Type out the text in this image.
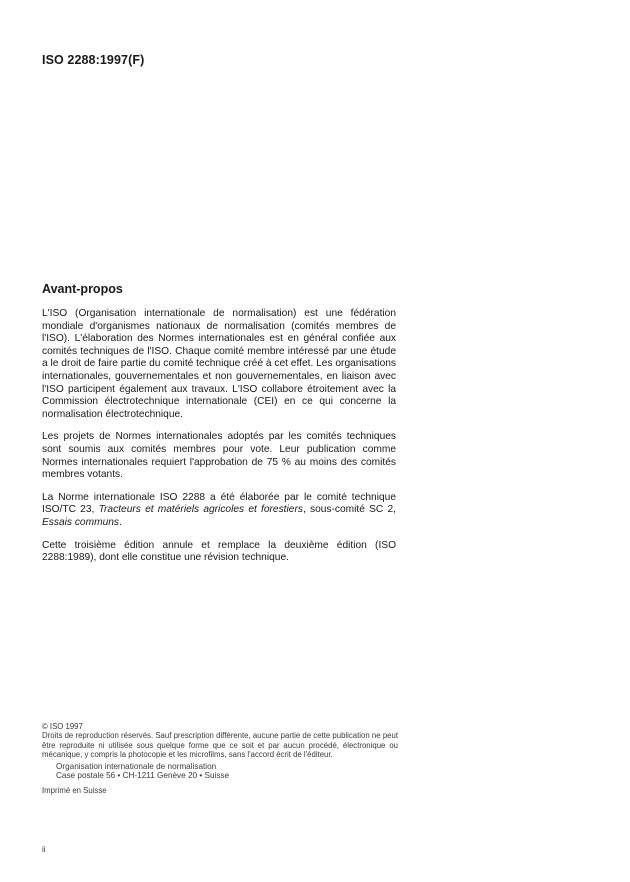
ISO 2288:1997(F)
Avant-propos

L'ISO (Organisation internationale de normalisation) est une fédération mondiale d'organismes nationaux de normalisation (comités membres de l'ISO). L'élaboration des Normes internationales est en général confiée aux comités techniques de l'ISO. Chaque comité membre intéressé par une étude a le droit de faire partie du comité technique créé à cet effet. Les organisations internationales, gouvernementales et non gouvernementales, en liaison avec l'ISO participent également aux travaux. L'ISO collabore étroitement avec la Commission électrotechnique internationale (CEI) en ce qui concerne la normalisation électrotechnique.

Les projets de Normes internationales adoptés par les comités techniques sont soumis aux comités membres pour vote. Leur publication comme Normes internationales requiert l'approbation de 75 % au moins des comités membres votants.

La Norme internationale ISO 2288 a été élaborée par le comité technique ISO/TC 23, Tracteurs et matériels agricoles et forestiers, sous-comité SC 2, Essais communs.

Cette troisième édition annule et remplace la deuxième édition (ISO 2288:1989), dont elle constitue une révision technique.

© ISO 1997

Droits de reproduction réservés. Sauf prescription différente, aucune partie de cette publication ne peut être reproduite ni utilisée sous quelque forme que ce soit et par aucun procédé, électronique ou mécanique, y compris la photocopie et les microfilms, sans l'accord écrit de l'éditeur.

Organisation internationale de normalisation
Case postale 56 • CH-1211 Genève 20 • Suisse
Imprimé en Suisse
ii
